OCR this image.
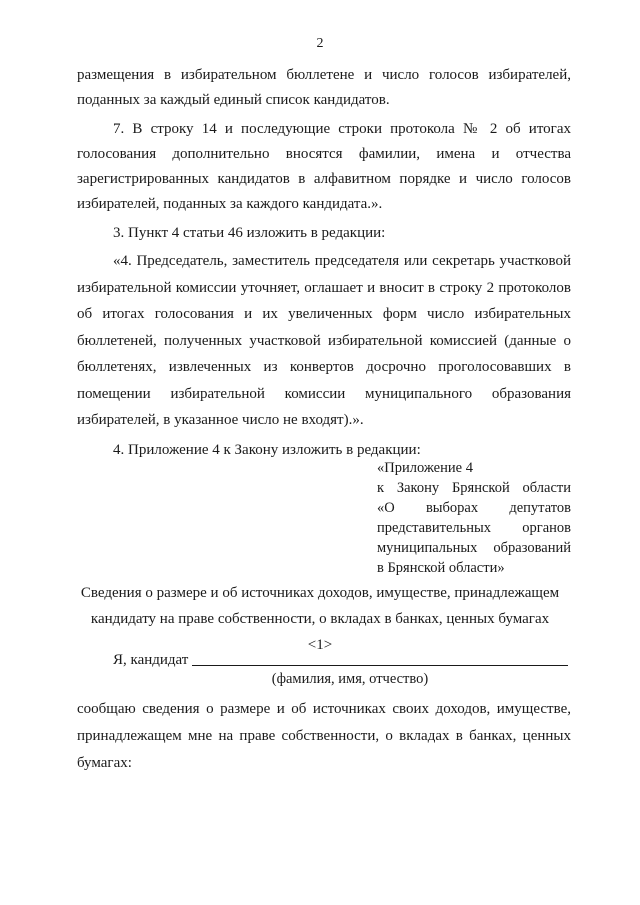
2

размещения в избирательном бюллетене и число голосов избирателей, поданных за каждый единый список кандидатов.

7. В строку 14 и последующие строки протокола № 2 об итогах голосования дополнительно вносятся фамилии, имена и отчества зарегистрированных кандидатов в алфавитном порядке и число голосов избирателей, поданных за каждого кандидата.».

3. Пункт 4 статьи 46 изложить в редакции:

«4. Председатель, заместитель председателя или секретарь участковой избирательной комиссии уточняет, оглашает и вносит в строку 2 протоколов об итогах голосования и их увеличенных форм число избирательных бюллетеней, полученных участковой избирательной комиссией (данные о бюллетенях, извлеченных из конвертов досрочно проголосовавших в помещении избирательной комиссии муниципального образования избирателей, в указанное число не входят).».

4. Приложение 4 к Закону изложить в редакции:

«Приложение 4

к Закону Брянской области

«О выборах депутатов

представительных органов

муниципальных образований

в Брянской области»

Сведения о размере и об источниках доходов, имуществе, принадлежащем

кандидату на праве собственности, о вкладах в банках, ценных бумагах <1>

Я, кандидат
(фамилия, имя, отчество)

сообщаю сведения о размере и об источниках своих доходов, имуществе, принадлежащем мне на праве собственности, о вкладах в банках, ценных бумагах:
